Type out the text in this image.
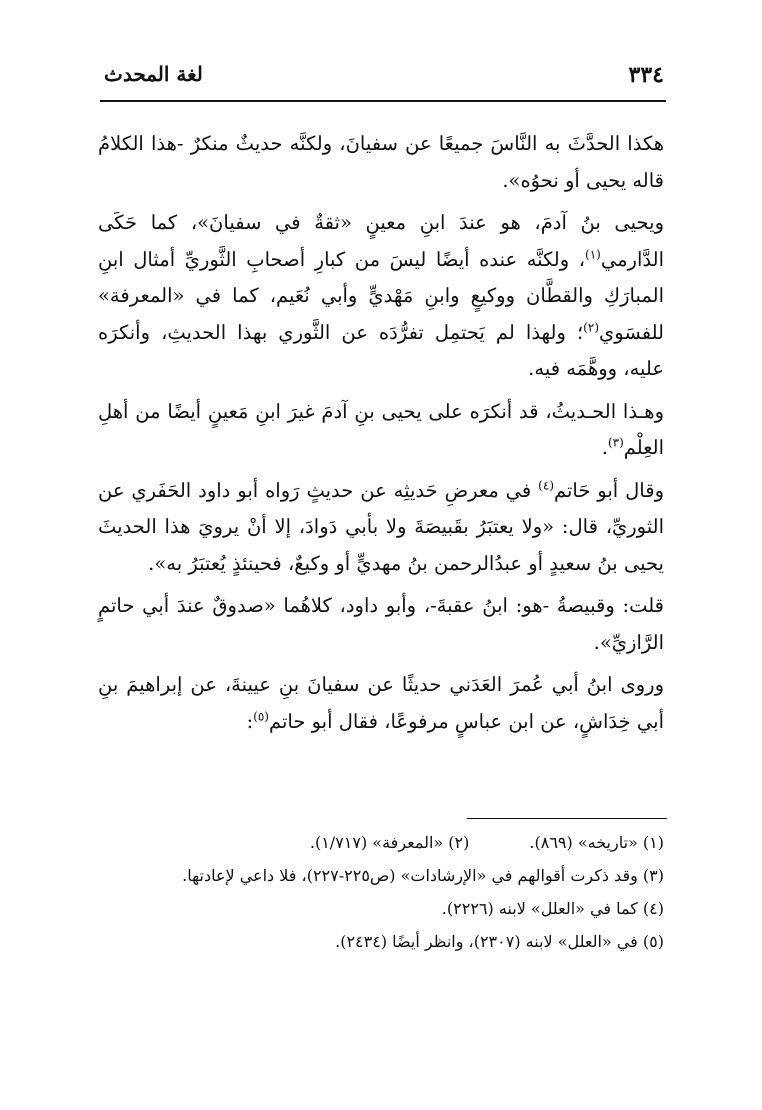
٣٣٤
لغة المحدث

هكذا الحدَّثَ به النَّاسَ جميعًا عن سفيانَ، ولكنَّه حديثٌ منكرٌ -هذا الكلامُ قاله يحيى أو نحوُه».

ويحيى بنُ آدمَ، هو عندَ ابنِ معينٍ «ثقةٌ في سفيانَ»، كما حَكَى الدَّارمي$^{(١)}$، ولكنَّه عنده أيضًا ليسَ من كبارِ أصحابِ الثَّوريِّ أمثال ابنِ المبارَكِ والقطَّان ووكيعٍ وابنِ مَهْديٍّ وأبي نُعَيم، كما في «المعرفة» للفسَوي$^{(٢)}$؛ ولهذا لم يَحتمِل تفرُّدَه عن الثَّوري بهذا الحديثِ، وأنكرَه عليه، ووهَّمَه فيه.

وهـذا الحـديثُ، قد أنكرَه على يحيى بنِ آدمَ غيرَ ابنِ مَعينٍ أيضًا من أهلِ العِلْم$^{(٣)}$.

وقال أبو حَاتم$^{(٤)}$ في معرضِ حَديثِه عن حديثٍ رَواه أبو داود الحَفَري عن الثوريِّ، قال: «ولا يعتبَرُ بقَبيصَةَ ولا بأبي دَوادَ، إلا أنْ يرويَ هذا الحديثَ يحيى بنُ سعيدٍ أو عبدُالرحمن بنُ مهديٍّ أو وكيعٌ، فحينئذٍ يُعتبَرُ به».

قلت: وقبيصةُ -هو: ابنُ عقبةَ-، وأبو داود، كلاهُما «صدوقٌ عندَ أبي حاتمٍ الرَّازيِّ».

وروى ابنُ أبي عُمرَ العَدَني حديثًا عن سفيانَ بنِ عيينةَ، عن إبراهيمَ بنِ أبي خِدَاشٍ، عن ابن عباسٍ مرفوعًا، فقال أبو حاتم$^{(٥)}$:

(١) «تاريخه» (٨٦٩).
(٢) «المعرفة» (١/٧١٧).
(٣) وقد ذكرت أقوالهم في «الإرشادات» (ص٢٢٥-٢٢٧)، فلا داعي لإعادتها.
(٤) كما في «العلل» لابنه (٢٢٢٦).
(٥) في «العلل» لابنه (٢٣٠٧)، وانظر أيضًا (٢٤٣٤).
